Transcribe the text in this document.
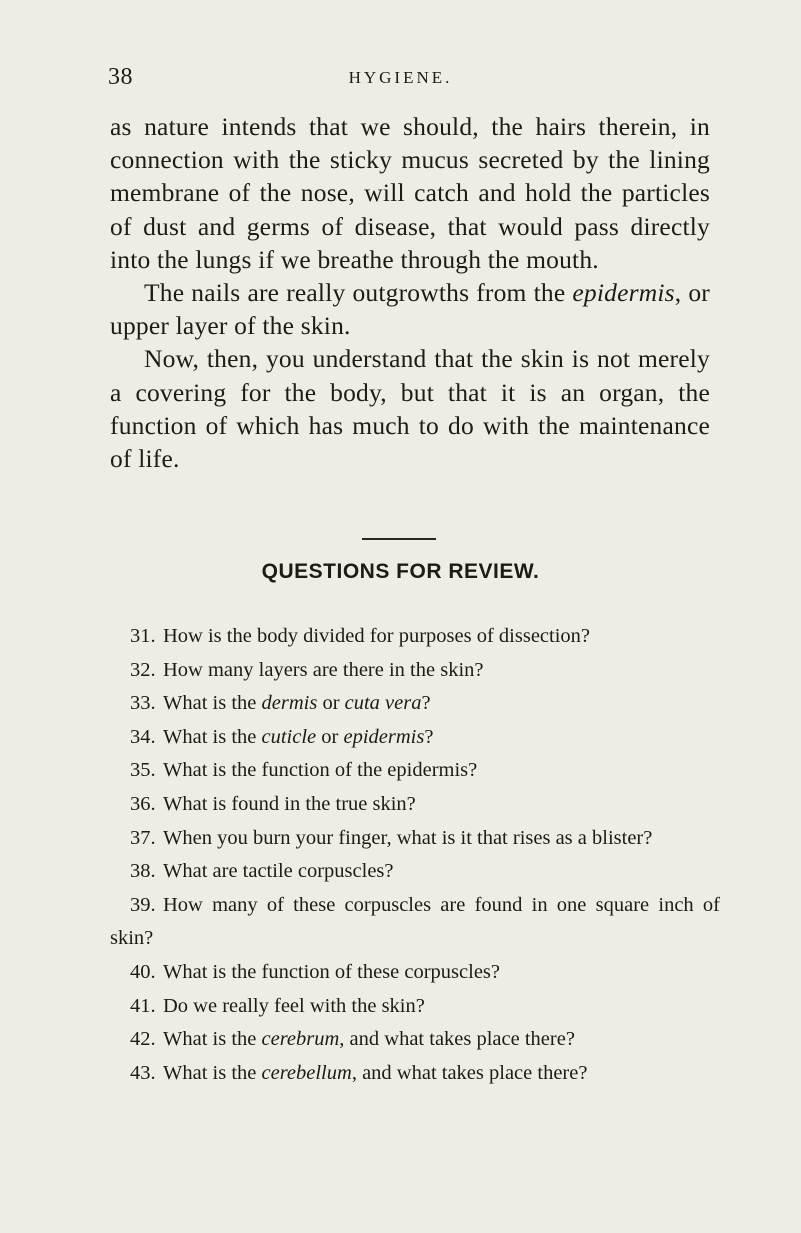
38	HYGIENE.

as nature intends that we should, the hairs therein, in connection with the sticky mucus secreted by the lining membrane of the nose, will catch and hold the particles of dust and germs of disease, that would pass directly into the lungs if we breathe through the mouth.

The nails are really outgrowths from the epidermis, or upper layer of the skin.

Now, then, you understand that the skin is not merely a covering for the body, but that it is an organ, the function of which has much to do with the maintenance of life.

QUESTIONS FOR REVIEW.
31. How is the body divided for purposes of dissection?
32. How many layers are there in the skin?
33. What is the dermis or cuta vera?
34. What is the cuticle or epidermis?
35. What is the function of the epidermis?
36. What is found in the true skin?
37. When you burn your finger, what is it that rises as a blister?
38. What are tactile corpuscles?
39. How many of these corpuscles are found in one square inch of skin?
40. What is the function of these corpuscles?
41. Do we really feel with the skin?
42. What is the cerebrum, and what takes place there?
43. What is the cerebellum, and what takes place there?
